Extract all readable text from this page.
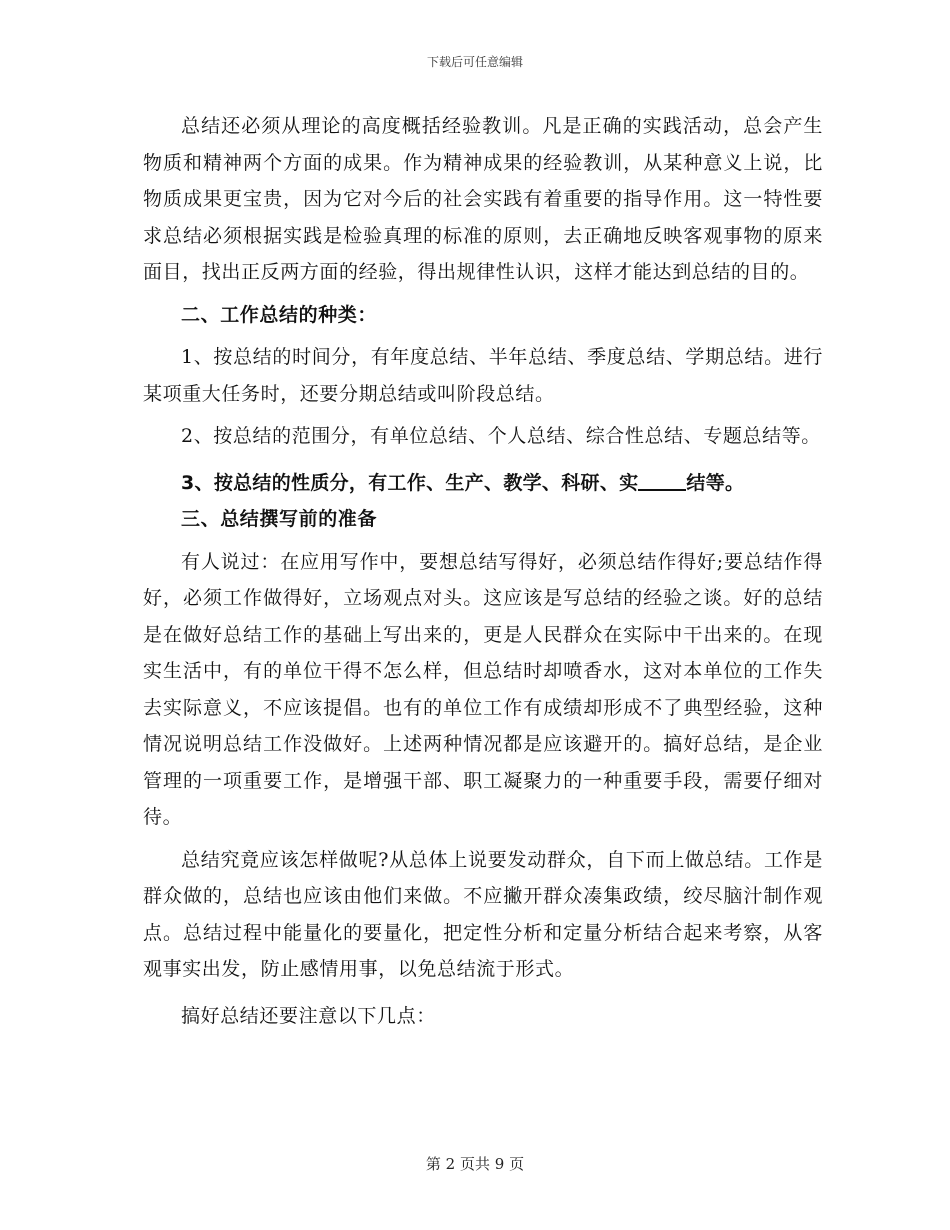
下载后可任意编辑

总结还必须从理论的高度概括经验教训。凡是正确的实践活动，总会产生物质和精神两个方面的成果。作为精神成果的经验教训，从某种意义上说，比物质成果更宝贵，因为它对今后的社会实践有着重要的指导作用。这一特性要求总结必须根据实践是检验真理的标准的原则，去正确地反映客观事物的原来面目，找出正反两方面的经验，得出规律性认识，这样才能达到总结的目的。

二、工作总结的种类：

1、按总结的时间分，有年度总结、半年总结、季度总结、学期总结。进行某项重大任务时，还要分期总结或叫阶段总结。

2、按总结的范围分，有单位总结、个人总结、综合性总结、专题总结等。

3、按总结的性质分，有工作、生产、教学、科研、实	结等。

三、总结撰写前的准备

有人说过：在应用写作中，要想总结写得好，必须总结作得好;要总结作得好，必须工作做得好，立场观点对头。这应该是写总结的经验之谈。好的总结是在做好总结工作的基础上写出来的，更是人民群众在实际中干出来的。在现实生活中，有的单位干得不怎么样，但总结时却喷香水，这对本单位的工作失去实际意义，不应该提倡。也有的单位工作有成绩却形成不了典型经验，这种情况说明总结工作没做好。上述两种情况都是应该避开的。搞好总结，是企业管理的一项重要工作，是增强干部、职工凝聚力的一种重要手段，需要仔细对待。

总结究竟应该怎样做呢?从总体上说要发动群众，自下而上做总结。工作是群众做的，总结也应该由他们来做。不应撇开群众凑集政绩，绞尽脑汁制作观点。总结过程中能量化的要量化，把定性分析和定量分析结合起来考察，从客观事实出发，防止感情用事，以免总结流于形式。

搞好总结还要注意以下几点：

第 2 页共 9 页
